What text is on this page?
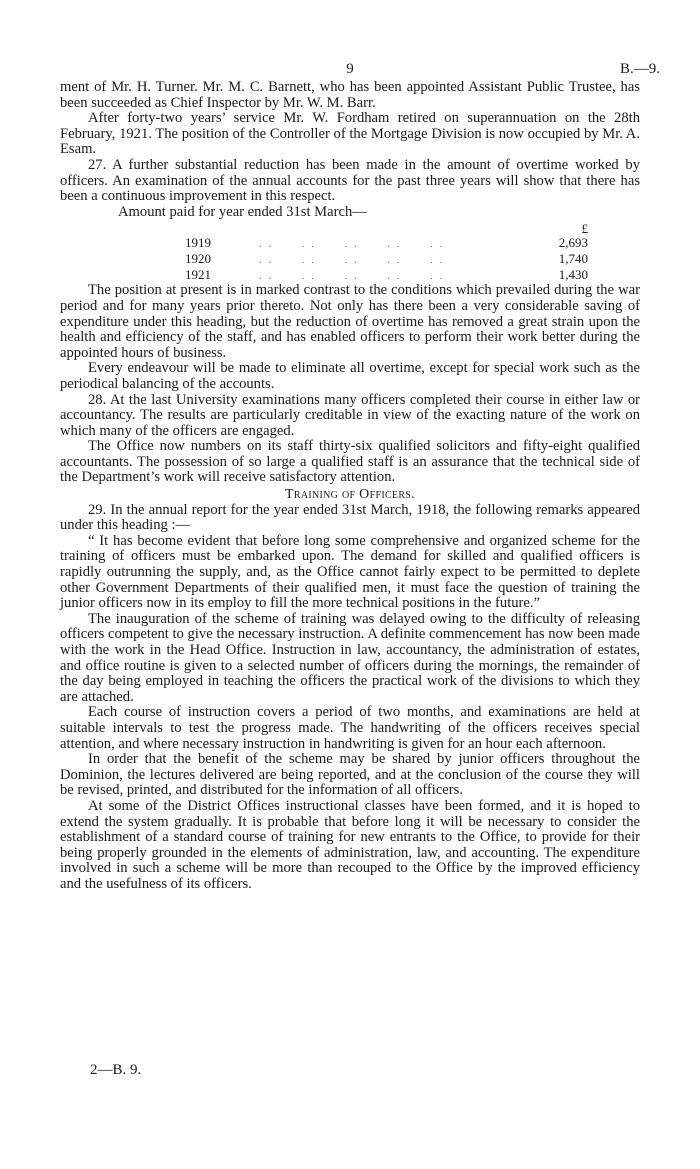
9	B.—9.

ment of Mr. H. Turner. Mr. M. C. Barnett, who has been appointed Assistant Public Trustee, has been succeeded as Chief Inspector by Mr. W. M. Barr.

After forty-two years’ service Mr. W. Fordham retired on superannuation on the 28th February, 1921. The position of the Controller of the Mortgage Division is now occupied by Mr. A. Esam.

27. A further substantial reduction has been made in the amount of overtime worked by officers. An examination of the annual accounts for the past three years will show that there has been a continuous improvement in this respect.

Amount paid for year ended 31st March—

£
1919	. .      . .      . .      . .      . .	2,693
1920	. .      . .      . .      . .      . .	1,740
1921	. .      . .      . .      . .      . .	1,430

The position at present is in marked contrast to the conditions which prevailed during the war period and for many years prior thereto. Not only has there been a very considerable saving of expenditure under this heading, but the reduction of overtime has removed a great strain upon the health and efficiency of the staff, and has enabled officers to perform their work better during the appointed hours of business.

Every endeavour will be made to eliminate all overtime, except for special work such as the periodical balancing of the accounts.

28. At the last University examinations many officers completed their course in either law or accountancy. The results are particularly creditable in view of the exacting nature of the work on which many of the officers are engaged.

The Office now numbers on its staff thirty-six qualified solicitors and fifty-eight qualified accountants. The possession of so large a qualified staff is an assurance that the technical side of the Department’s work will receive satisfactory attention.

Training of Officers.

29. In the annual report for the year ended 31st March, 1918, the following remarks appeared under this heading :—

“ It has become evident that before long some comprehensive and organized scheme for the training of officers must be embarked upon. The demand for skilled and qualified officers is rapidly outrunning the supply, and, as the Office cannot fairly expect to be permitted to deplete other Government Departments of their qualified men, it must face the question of training the junior officers now in its employ to fill the more technical positions in the future.”

The inauguration of the scheme of training was delayed owing to the difficulty of releasing officers competent to give the necessary instruction. A definite commencement has now been made with the work in the Head Office. Instruction in law, accountancy, the administration of estates, and office routine is given to a selected number of officers during the mornings, the remainder of the day being employed in teaching the officers the practical work of the divisions to which they are attached.

Each course of instruction covers a period of two months, and examinations are held at suitable intervals to test the progress made. The handwriting of the officers receives special attention, and where necessary instruction in handwriting is given for an hour each afternoon.

In order that the benefit of the scheme may be shared by junior officers throughout the Dominion, the lectures delivered are being reported, and at the conclusion of the course they will be revised, printed, and distributed for the information of all officers.

At some of the District Offices instructional classes have been formed, and it is hoped to extend the system gradually. It is probable that before long it will be necessary to consider the establishment of a standard course of training for new entrants to the Office, to provide for their being properly grounded in the elements of administration, law, and accounting. The expenditure involved in such a scheme will be more than recouped to the Office by the improved efficiency and the usefulness of its officers.

2—B. 9.
